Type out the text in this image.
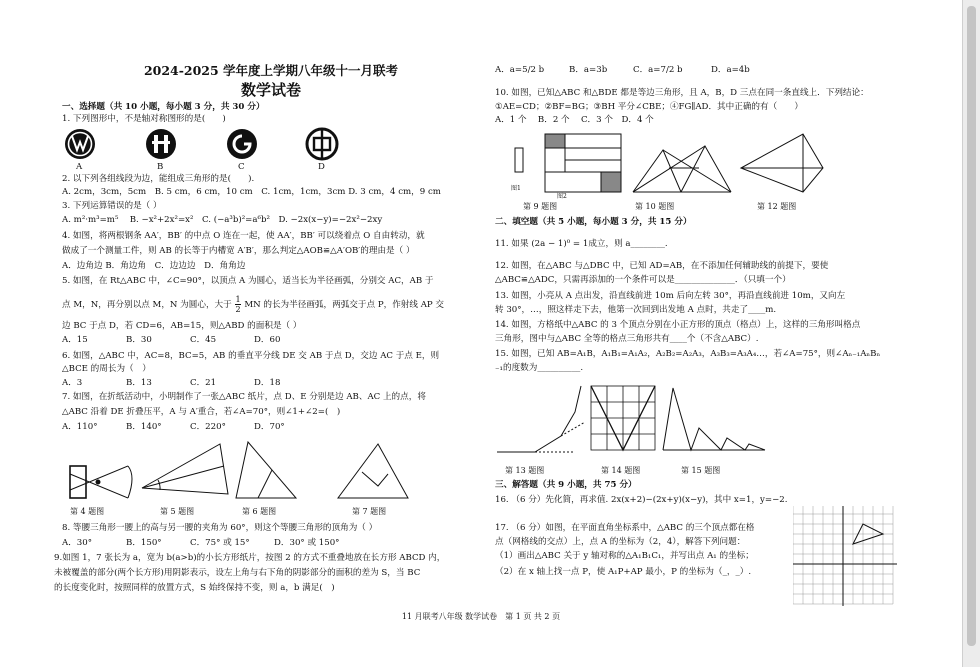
2024-2025 学年度上学期八年级十一月联考
数学试卷
一、选择题（共 10 小题，每小题 3 分，共 30 分）
1. 下列图形中，不是轴对称图形的是(　　)
A	B	C	D
2. 以下列各组线段为边，能组成三角形的是(　　).
A. 2cm，3cm，5cm　B. 5 cm，6 cm，10 cm　C. 1cm，1cm，3cm D. 3 cm，4 cm，9 cm
3. 下列运算错误的是（ ）
A. m²·m³=m⁵　 B. −x²+2x²=x²　C. (−a³b)²=a⁶b²　D. −2x(x−y)=−2x²−2xy
4. 如图，将两根钢条 AA′，BB′ 的中点 O 连在一起，使 AA′，BB′ 可以绕着点 O 自由转动，就
做成了一个测量工件，则 AB 的长等于内槽宽 A′B′，那么判定△AOB≌△A′OB′的理由是（ ）
A．边角边 B．角边角　C．边边边　D．角角边
5. 如图，在 Rt△ABC 中，∠C=90°，以顶点 A 为圆心，适当长为半径画弧，分别交 AC，AB 于
点 M，N，再分别以点 M，N 为圆心，大于 $\frac{1}{2}$ MN 的长为半径画弧，两弧交于点 P，作射线 AP 交
边 BC 于点 D，若 CD=6，AB=15，则△ABD 的面积是（ ）
A．15	B．30	C．45	D．60
6. 如图，△ABC 中，AC=8，BC=5，AB 的垂直平分线 DE 交 AB 于点 D，交边 AC 于点 E，则
△BCE 的周长为（　）
A．3	B．13	C．21	D．18
7. 如图，在折纸活动中，小明制作了一张△ABC 纸片，点 D、E 分别是边 AB、AC 上的点，将
△ABC 沿着 DE 折叠压平，A 与 A′重合，若∠A=70°，则∠1+∠2=(　)
A．110°	B．140°	C．220°	D．70°
第 4 题图	第 5 题图	第 6 题图	第 7 题图
8. 等腰三角形一腰上的高与另一腰的夹角为 60°，则这个等腰三角形的顶角为（ ）
A．30°	B．150°	C．75° 或 15°	D．30° 或 150°
9.如图 1，7 张长为 a，宽为 b(a>b)的小长方形纸片，按图 2 的方式不重叠地放在长方形 ABCD 内，
未被覆盖的部分(两个长方形)用阴影表示，设左上角与右下角的阴影部分的面积的差为 S，当 BC
的长度变化时，按照同样的放置方式，S 始终保持不变，则 a，b 满足(　)
A．a=5/2 b	B．a=3b	C．a=7/2 b	D．a=4b
10. 如图，已知△ABC 和△BDE 都是等边三角形，且 A，B，D 三点在同一条直线上．下列结论：
①AE=CD；②BF=BG；③BH 平分∠CBE；④FG∥AD．其中正确的有（　　）
A．1 个　 B．2 个　 C．3 个　D．4 个
图1
图2
第 9 题图	第 10 题图	第 12 题图
二、填空题（共 5 小题，每小题 3 分，共 15 分）
11. 如果 (2a − 1)⁰ = 1成立，则 a________.
12. 如图，在△ABC 与△DBC 中，已知 AD=AB，在不添加任何辅助线的前提下，要使
△ABC≌△ADC，只需再添加的一个条件可以是______________．（只填一个）
13. 如图，小亮从 A 点出发，沿直线前进 10m 后向左转 30°，再沿直线前进 10m，又向左
转 30°，…，照这样走下去，他第一次回到出发地 A 点时，共走了____m.
14. 如图，方格纸中△ABC 的 3 个顶点分别在小正方形的顶点（格点）上，这样的三角形叫格点
三角形，图中与△ABC 全等的格点三角形共有____个（不含△ABC）.
15. 如图，已知 AB=A₁B，A₁B₁=A₁A₂，A₂B₂=A₂A₃，A₃B₃=A₃A₄…，若∠A=75°，则∠Aₙ₋₁AₙBₙ
₋₁的度数为__________.
第 13 题图	第 14 题图	第 15 题图
三、解答题（共 9 小题，共 75 分）
16. （6 分）先化简，再求值. 2x(x+2)−(2x+y)(x−y)，其中 x=1，y=−2.
17. （6 分）如图，在平面直角坐标系中，△ABC 的三个顶点都在格
点（网格线的交点）上，点 A 的坐标为（2，4），解答下列问题：
（1）画出△ABC 关于 y 轴对称的△A₁B₁C₁，并写出点 A₁ 的坐标；
（2）在 x 轴上找一点 P，使 A₁P+AP 最小，P 的坐标为（_，_）.
11 月联考八年级 数学试卷　第 1 页 共 2 页
